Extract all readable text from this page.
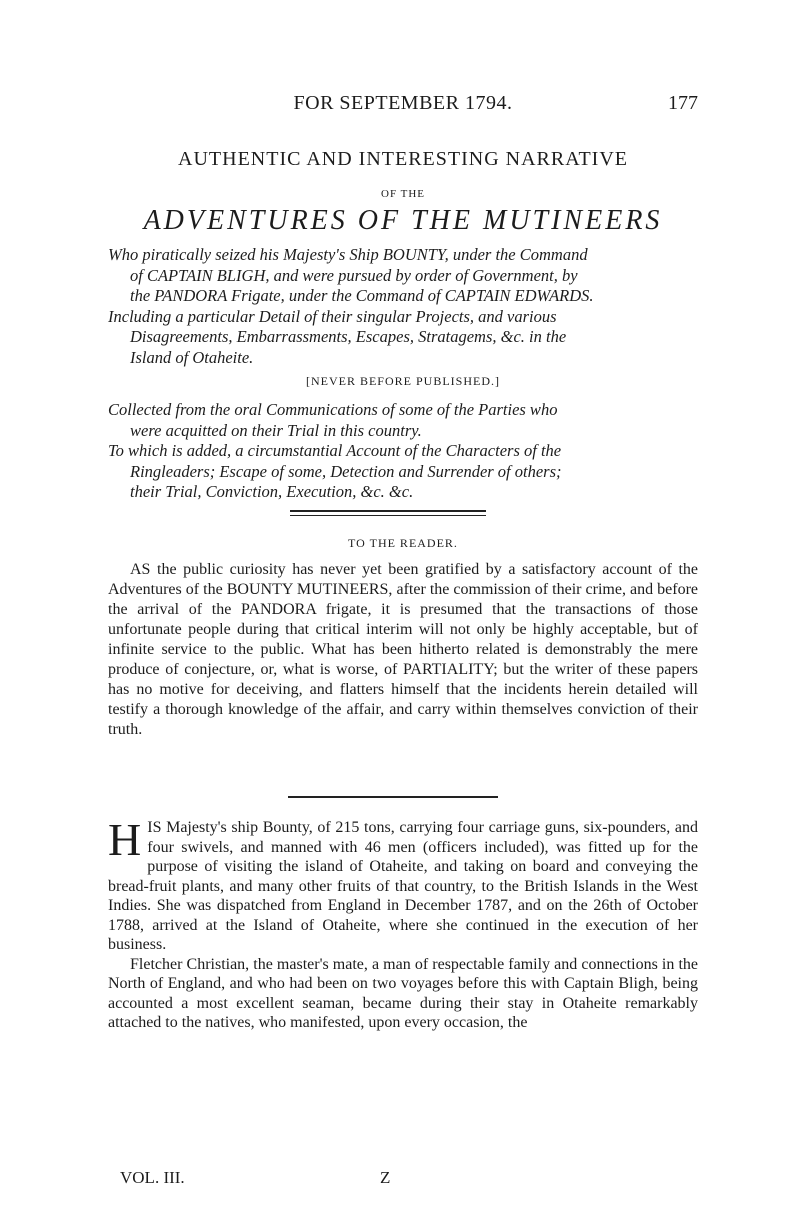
FOR SEPTEMBER 1794.	177
AUTHENTIC AND INTERESTING NARRATIVE
OF THE
ADVENTURES OF THE MUTINEERS

Who piratically seized his Majesty's Ship BOUNTY, under the Command

of CAPTAIN BLIGH, and were pursued by order of Government, by

the PANDORA Frigate, under the Command of CAPTAIN EDWARDS.

Including a particular Detail of their singular Projects, and various

Disagreements, Embarrassments, Escapes, Stratagems, &c. in the

Island of Otaheite.

[NEVER BEFORE PUBLISHED.]

Collected from the oral Communications of some of the Parties who

were acquitted on their Trial in this country.

To which is added, a circumstantial Account of the Characters of the

Ringleaders; Escape of some, Detection and Surrender of others;

their Trial, Conviction, Execution, &c. &c.

TO THE READER.

AS the public curiosity has never yet been gratified by a satisfactory account of the Adventures of the BOUNTY MUTINEERS, after the commission of their crime, and before the arrival of the PANDORA frigate, it is presumed that the transactions of those unfortunate people during that critical interim will not only be highly acceptable, but of infinite service to the public. What has been hitherto related is demonstrably the mere produce of conjecture, or, what is worse, of PARTIALITY; but the writer of these papers has no motive for deceiving, and flatters himself that the incidents herein detailed will testify a thorough knowledge of the affair, and carry within themselves conviction of their truth.

HIS Majesty's ship Bounty, of 215 tons, carrying four carriage guns, six-pounders, and four swivels, and manned with 46 men (officers included), was fitted up for the purpose of visiting the island of Otaheite, and taking on board and conveying the bread-fruit plants, and many other fruits of that country, to the British Islands in the West Indies. She was dispatched from England in December 1787, and on the 26th of October 1788, arrived at the Island of Otaheite, where she continued in the execution of her business.

Fletcher Christian, the master's mate, a man of respectable family and connections in the North of England, and who had been on two voyages before this with Captain Bligh, being accounted a most excellent seaman, became during their stay in Otaheite remarkably attached to the natives, who manifested, upon every occasion, the

VOL. III.	Z
